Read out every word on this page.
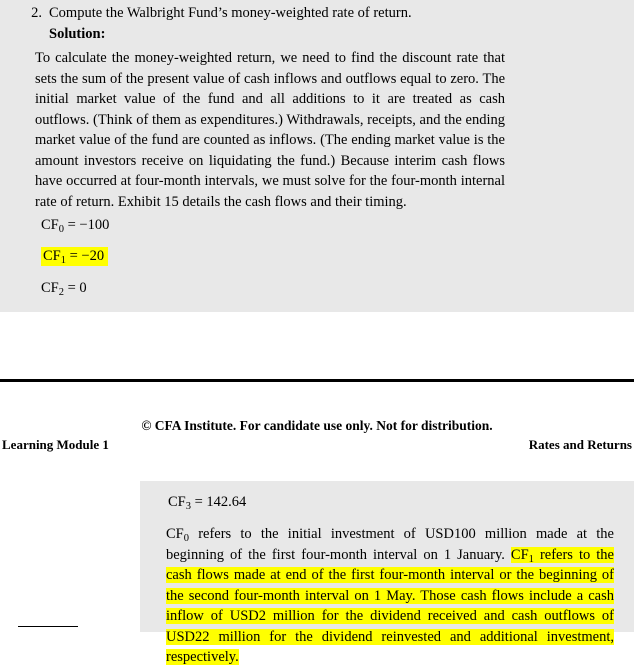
2. Compute the Walbright Fund’s money-weighted rate of return.
Solution:
To calculate the money-weighted return, we need to find the discount rate that sets the sum of the present value of cash inflows and outflows equal to zero. The initial market value of the fund and all additions to it are treated as cash outflows. (Think of them as expenditures.) Withdrawals, receipts, and the ending market value of the fund are counted as inflows. (The ending market value is the amount investors receive on liquidating the fund.) Because interim cash flows have occurred at four-month intervals, we must solve for the four-month internal rate of return. Exhibit 15 details the cash flows and their timing.
$CF_0 = -100$
$CF_1 = -20$
$CF_2 = 0$
© CFA Institute. For candidate use only. Not for distribution.
Learning Module 1	Rates and Returns
$CF_3 = 142.64$
$CF_0$ refers to the initial investment of USD100 million made at the beginning of the first four-month interval on 1 January. $CF_1$ refers to the cash flows made at end of the first four-month interval or the beginning of the second four-month interval on 1 May. Those cash flows include a cash inflow of USD2 million for the dividend received and cash outflows of USD22 million for the dividend reinvested and additional investment, respectively.
